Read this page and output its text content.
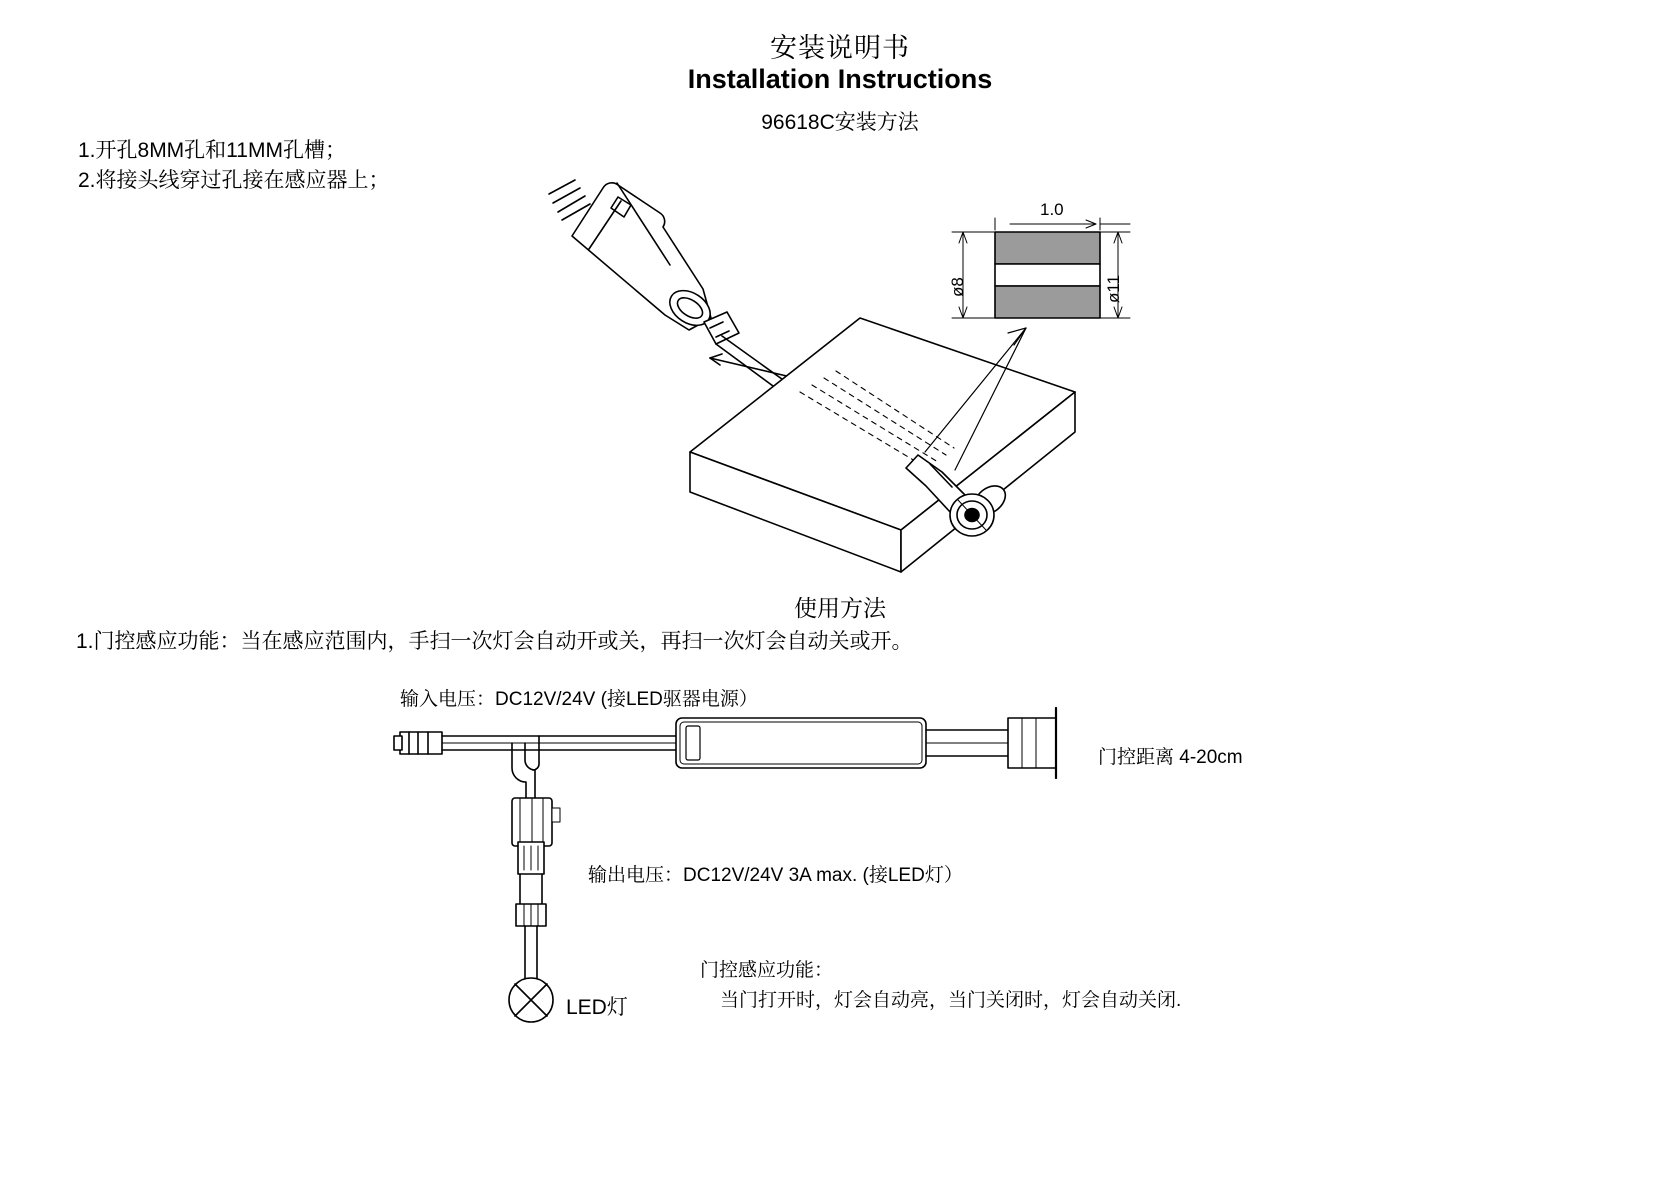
安装说明书
Installation Instructions
96618C安装方法
1.开孔8MM孔和11MM孔槽；
2.将接头线穿过孔接在感应器上；
1.0
ø8	ø11
使用方法
1.门控感应功能：当在感应范围内，手扫一次灯会自动开或关，再扫一次灯会自动关或开。
输入电压：DC12V/24V (接LED驱器电源）
输出电压：DC12V/24V 3A max. (接LED灯）
门控距离 4-20cm
LED灯
门控感应功能：
当门打开时，灯会自动亮，当门关闭时，灯会自动关闭.
